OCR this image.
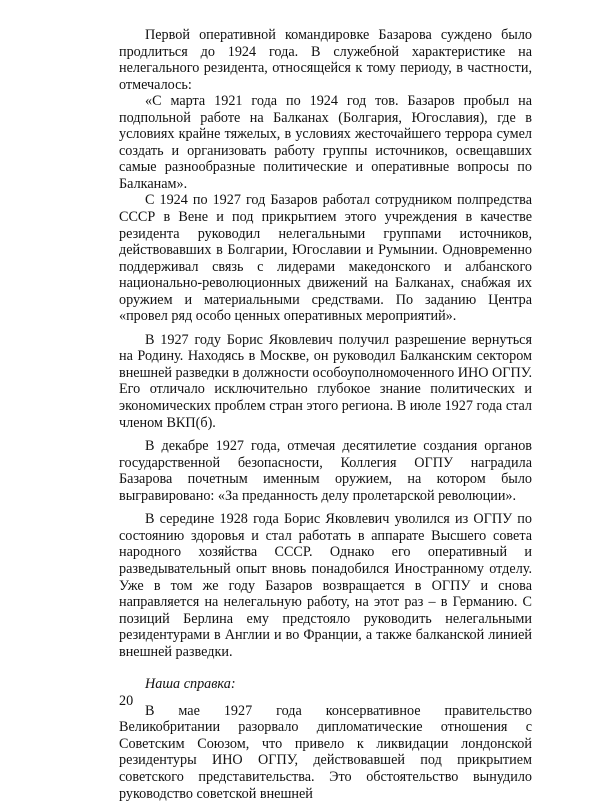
Первой оперативной командировке Базарова суждено было продлиться до 1924 года. В служебной характеристике на нелегального резидента, относящейся к тому периоду, в частности, отмечалось:

«С марта 1921 года по 1924 год тов. Базаров пробыл на подпольной работе на Балканах (Болгария, Югославия), где в условиях крайне тяжелых, в условиях жесточайшего террора сумел создать и организовать работу группы источников, освещавших самые разнообразные политические и оперативные вопросы по Балканам».

С 1924 по 1927 год Базаров работал сотрудником полпредства СССР в Вене и под прикрытием этого учреждения в качестве резидента руководил нелегальными группами источников, действовавших в Болгарии, Югославии и Румынии. Одновременно поддерживал связь с лидерами македонского и албанского национально-революционных движений на Балканах, снабжая их оружием и материальными средствами. По заданию Центра «провел ряд особо ценных оперативных мероприятий».

В 1927 году Борис Яковлевич получил разрешение вернуться на Родину. Находясь в Москве, он руководил Балканским сектором внешней разведки в должности особоуполномоченного ИНО ОГПУ. Его отличало исключительно глубокое знание политических и экономических проблем стран этого региона. В июле 1927 года стал членом ВКП(б).

В декабре 1927 года, отмечая десятилетие создания органов государственной безопасности, Коллегия ОГПУ наградила Базарова почетным именным оружием, на котором было выгравировано: «За преданность делу пролетарской революции».

В середине 1928 года Борис Яковлевич уволился из ОГПУ по состоянию здоровья и стал работать в аппарате Высшего совета народного хозяйства СССР. Однако его оперативный и разведывательный опыт вновь понадобился Иностранному отделу. Уже в том же году Базаров возвращается в ОГПУ и снова направляется на нелегальную работу, на этот раз – в Германию. С позиций Берлина ему предстояло руководить нелегальными резидентурами в Англии и во Франции, а также балканской линией внешней разведки.

Наша справка:

В мае 1927 года консервативное правительство Великобритании разорвало дипломатические отношения с Советским Союзом, что привело к ликвидации лондонской резидентуры ИНО ОГПУ, действовавшей под прикрытием советского представительства. Это обстоятельство вынудило руководство советской внешней

20
